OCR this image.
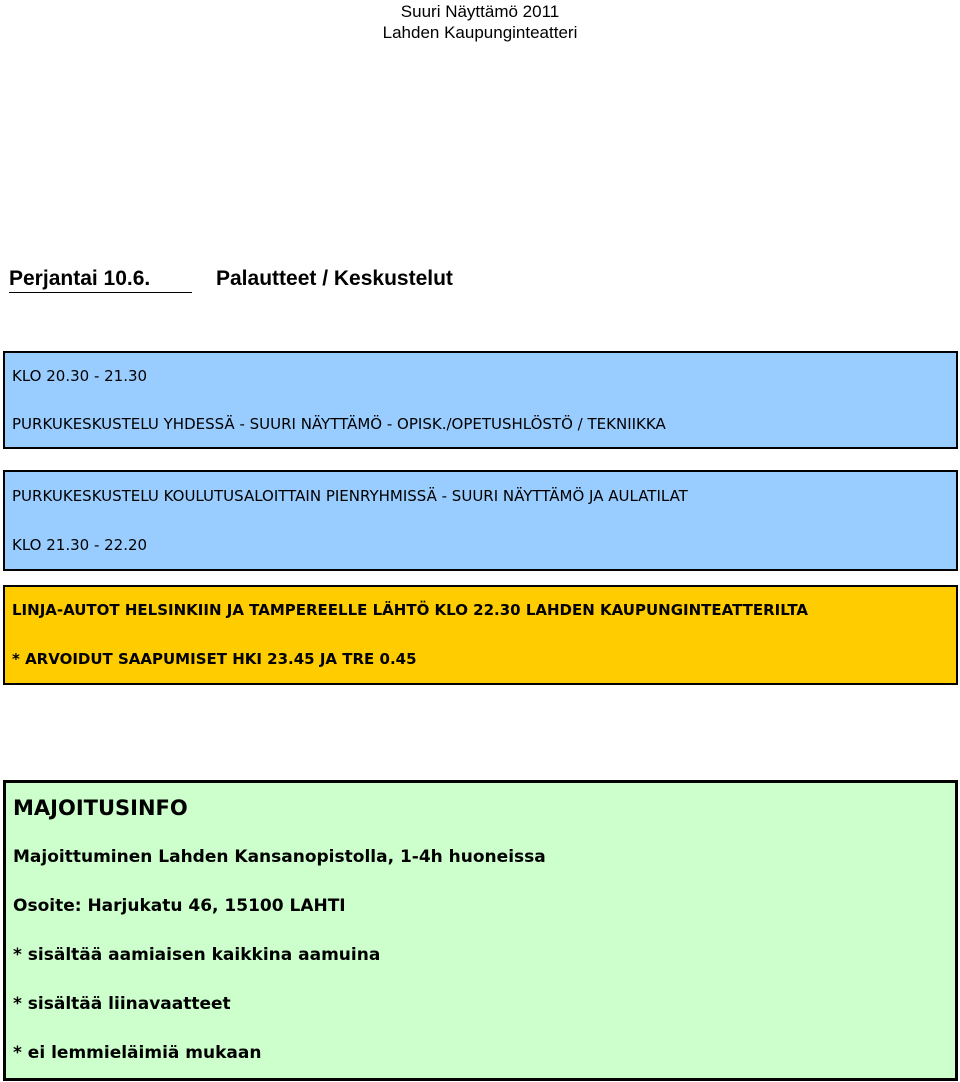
Suuri Näyttämö 2011
Lahden Kaupunginteatteri
Perjantai 10.6.	Palautteet / Keskustelut
KLO 20.30 - 21.30
PURKUKESKUSTELU YHDESSÄ - SUURI NÄYTTÄMÖ - OPISK./OPETUSHLÖSTÖ / TEKNIIKKA
PURKUKESKUSTELU KOULUTUSALOITTAIN PIENRYHMISSÄ - SUURI NÄYTTÄMÖ JA AULATILAT
KLO 21.30 - 22.20
LINJA-AUTOT HELSINKIIN JA TAMPEREELLE LÄHTÖ KLO 22.30 LAHDEN KAUPUNGINTEATTERILTA
* ARVOIDUT SAAPUMISET HKI 23.45 JA TRE 0.45
MAJOITUSINFO
Majoittuminen Lahden Kansanopistolla, 1-4h huoneissa
Osoite: Harjukatu 46, 15100 LAHTI
* sisältää aamiaisen kaikkina aamuina
* sisältää liinavaatteet
* ei lemmieläimiä mukaan
